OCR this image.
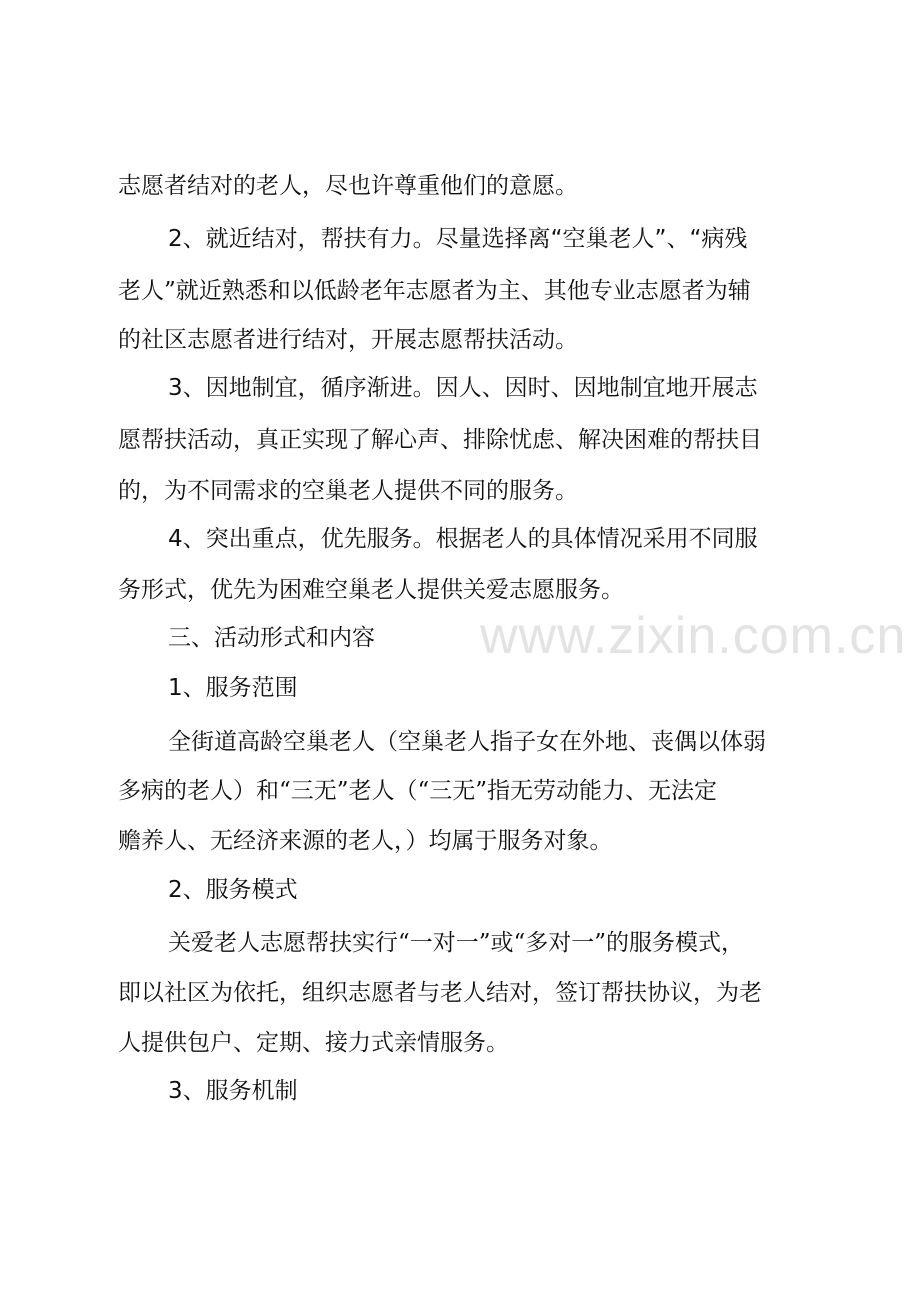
志愿者结对的老人，尽也许尊重他们的意愿。
2、就近结对，帮扶有力。尽量选择离“空巢老人”、“病残
老人”就近熟悉和以低龄老年志愿者为主、其他专业志愿者为辅
的社区志愿者进行结对，开展志愿帮扶活动。
3、因地制宜，循序渐进。因人、因时、因地制宜地开展志
愿帮扶活动，真正实现了解心声、排除忧虑、解决困难的帮扶目
的，为不同需求的空巢老人提供不同的服务。
4、突出重点，优先服务。根据老人的具体情况采用不同服
务形式，优先为困难空巢老人提供关爱志愿服务。
三、活动形式和内容
1、服务范围
全街道高龄空巢老人（空巢老人指子女在外地、丧偶以体弱
多病的老人）和“三无”老人（“三无”指无劳动能力、无法定
赡养人、无经济来源的老人，）均属于服务对象。
2、服务模式
关爱老人志愿帮扶实行“一对一”或“多对一”的服务模式，
即以社区为依托，组织志愿者与老人结对，签订帮扶协议，为老
人提供包户、定期、接力式亲情服务。
3、服务机制
www.zixin.com.cn
